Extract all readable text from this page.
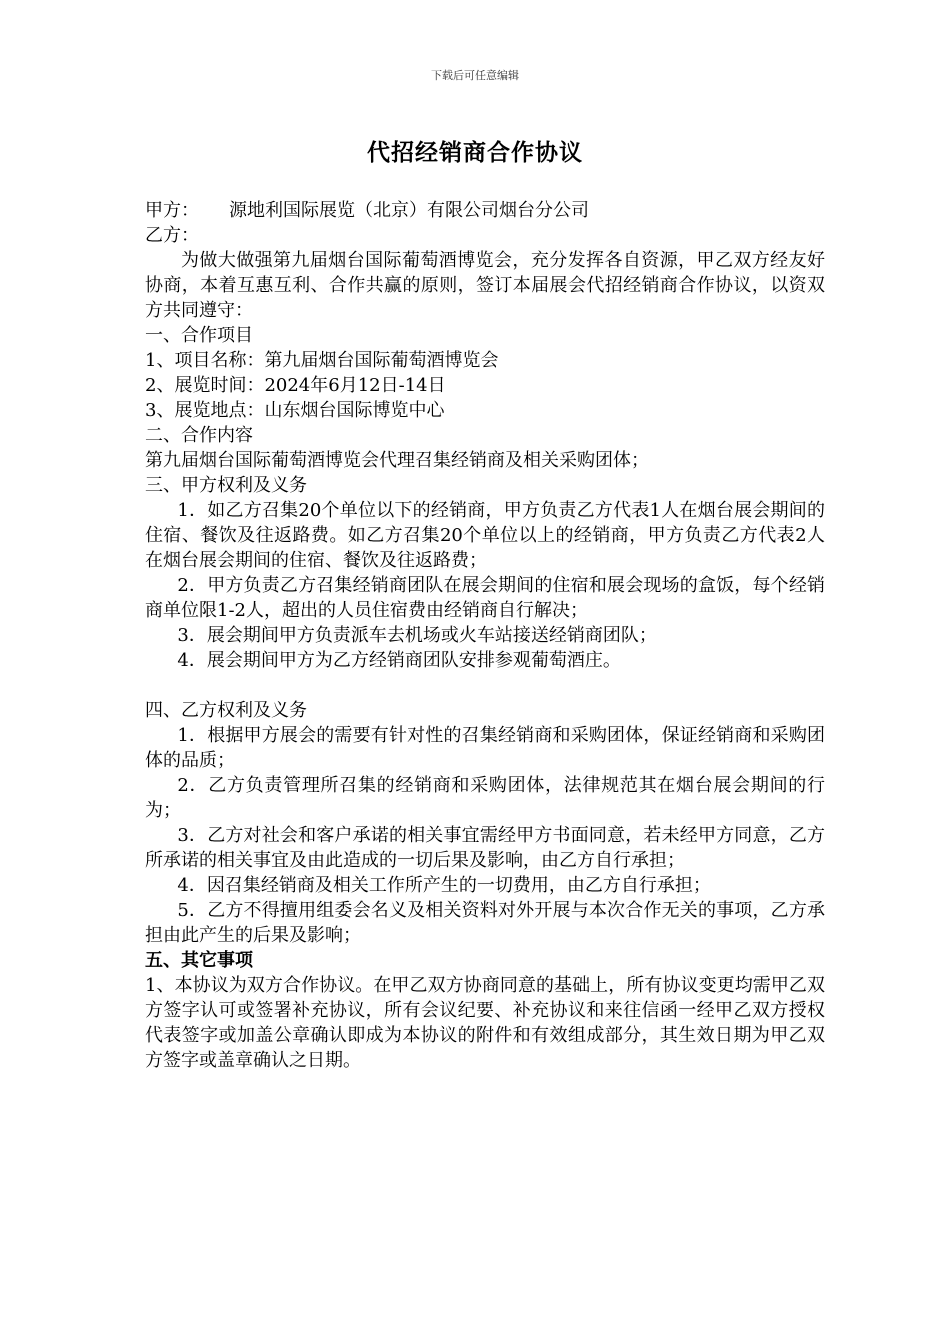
下载后可任意编辑
代招经销商合作协议
甲方： 源地利国际展览（北京）有限公司烟台分公司
乙方：
为做大做强第九届烟台国际葡萄酒博览会，充分发挥各自资源，甲乙双方经友好协商，本着互惠互利、合作共赢的原则，签订本届展会代招经销商合作协议，以资双方共同遵守：
一、合作项目
1、项目名称：第九届烟台国际葡萄酒博览会
2、展览时间：2024年6月12日-14日
3、展览地点：山东烟台国际博览中心
二、合作内容
第九届烟台国际葡萄酒博览会代理召集经销商及相关采购团体；
三、甲方权利及义务
1．如乙方召集20个单位以下的经销商，甲方负责乙方代表1人在烟台展会期间的住宿、餐饮及往返路费。如乙方召集20个单位以上的经销商，甲方负责乙方代表2人在烟台展会期间的住宿、餐饮及往返路费；
2．甲方负责乙方召集经销商团队在展会期间的住宿和展会现场的盒饭，每个经销商单位限1-2人，超出的人员住宿费由经销商自行解决；
3．展会期间甲方负责派车去机场或火车站接送经销商团队；
4．展会期间甲方为乙方经销商团队安排参观葡萄酒庄。
四、乙方权利及义务
1．根据甲方展会的需要有针对性的召集经销商和采购团体，保证经销商和采购团体的品质；
2．乙方负责管理所召集的经销商和采购团体，法律规范其在烟台展会期间的行为；
3．乙方对社会和客户承诺的相关事宜需经甲方书面同意，若未经甲方同意，乙方所承诺的相关事宜及由此造成的一切后果及影响，由乙方自行承担；
4．因召集经销商及相关工作所产生的一切费用，由乙方自行承担；
5．乙方不得擅用组委会名义及相关资料对外开展与本次合作无关的事项，乙方承担由此产生的后果及影响；
五、其它事项
1、本协议为双方合作协议。在甲乙双方协商同意的基础上，所有协议变更均需甲乙双方签字认可或签署补充协议，所有会议纪要、补充协议和来往信函一经甲乙双方授权代表签字或加盖公章确认即成为本协议的附件和有效组成部分，其生效日期为甲乙双方签字或盖章确认之日期。
